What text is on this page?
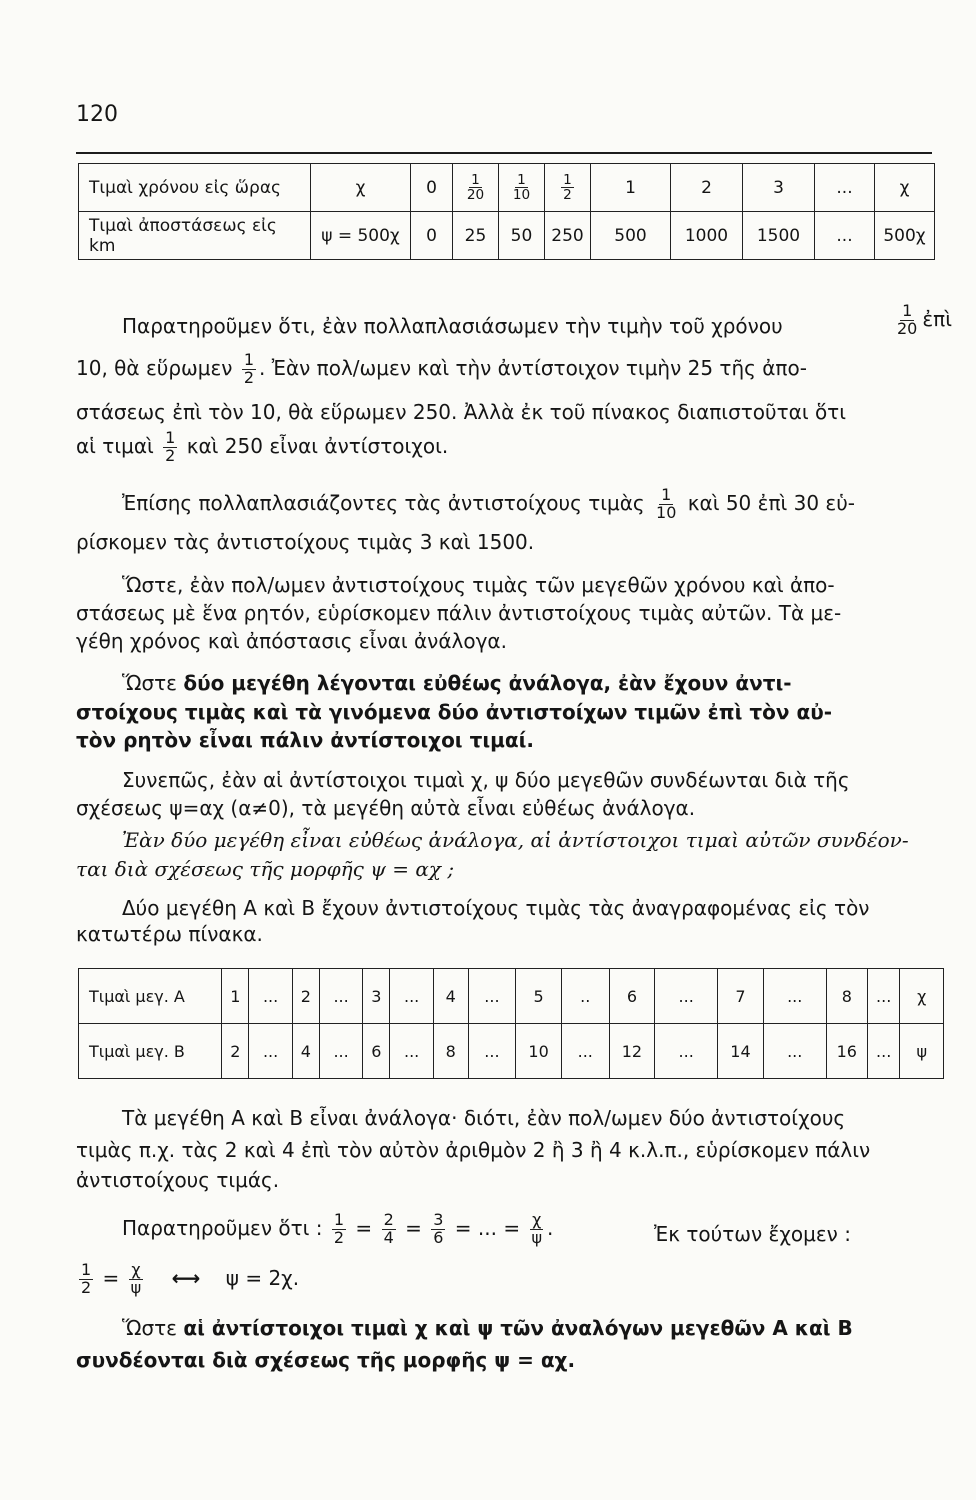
120
Τιμαὶ χρόνου εἰς ὥρας	χ	0	$\frac{1}{20}$	$\frac{1}{10}$	$\frac{1}{2}$	1	2	3	...	χ
Τιμαὶ ἀποστάσεως εἰς km	ψ = 500χ	0	25	50	250	500	1000	1500	...	500χ
Παρατηροῦμεν ὅτι, ἐὰν πολλαπλασιάσωμεν τὴν τιμὴν τοῦ χρόνου	$\frac{1}{20}$ ἐπὶ
10, θὰ εὕρωμεν $\frac{1}{2}$ . Ἐὰν πολ/ωμεν καὶ τὴν ἀντίστοιχον τιμὴν 25 τῆς ἀπο-
στάσεως ἐπὶ τὸν 10, θὰ εὕρωμεν 250. Ἀλλὰ ἐκ τοῦ πίνακος διαπιστοῦται ὅτι
αἱ τιμαὶ $\frac{1}{2}$ καὶ 250 εἶναι ἀντίστοιχοι.
Ἐπίσης πολλαπλασιάζοντες τὰς ἀντιστοίχους τιμὰς $\frac{1}{10}$ καὶ 50 ἐπὶ 30 εὑ-
ρίσκομεν τὰς ἀντιστοίχους τιμὰς 3 καὶ 1500.
Ὥστε, ἐὰν πολ/ωμεν ἀντιστοίχους τιμὰς τῶν μεγεθῶν χρόνου καὶ ἀπο-
στάσεως μὲ ἕνα ρητόν, εὑρίσκομεν πάλιν ἀντιστοίχους τιμὰς αὐτῶν. Τὰ με-
γέθη χρόνος καὶ ἀπόστασις εἶναι ἀνάλογα.
Ὥστε δύο μεγέθη λέγονται εὐθέως ἀνάλογα, ἐὰν ἔχουν ἀντι-
στοίχους τιμὰς καὶ τὰ γινόμενα δύο ἀντιστοίχων τιμῶν ἐπὶ τὸν αὐ-
τὸν ρητὸν εἶναι πάλιν ἀντίστοιχοι τιμαί.
Συνεπῶς, ἐὰν αἱ ἀντίστοιχοι τιμαὶ χ, ψ δύο μεγεθῶν συνδέωνται διὰ τῆς
σχέσεως ψ=αχ (α≠0), τὰ μεγέθη αὐτὰ εἶναι εὐθέως ἀνάλογα.
Ἐὰν δύο μεγέθη εἶναι εὐθέως ἀνάλογα, αἱ ἀντίστοιχοι τιμαὶ αὐτῶν συνδέον-
ται διὰ σχέσεως τῆς μορφῆς ψ = αχ ;
Δύο μεγέθη Α καὶ Β ἔχουν ἀντιστοίχους τιμὰς τὰς ἀναγραφομένας εἰς τὸν
κατωτέρω πίνακα.
Τιμαὶ μεγ. Α	1	...	2	...	3	...	4	...	5	..	6	...	7	...	8	...	χ
Τιμαὶ μεγ. Β	2	...	4	...	6	...	8	...	10	...	12	...	14	...	16	...	ψ
Τὰ μεγέθη Α καὶ Β εἶναι ἀνάλογα· διότι, ἐὰν πολ/ωμεν δύο ἀντιστοίχους
τιμὰς π.χ. τὰς 2 καὶ 4 ἐπὶ τὸν αὐτὸν ἀριθμὸν 2 ἢ 3 ἢ 4 κ.λ.π., εὑρίσκομεν πάλιν
ἀντιστοίχους τιμάς.
Παρατηροῦμεν ὅτι : $\frac{1}{2} = \frac{2}{4} = \frac{3}{6}$ = ... = $\frac{\chi}{\psi}$ .	Ἐκ τούτων ἔχομεν :
$\frac{1}{2} = \frac{\chi}{\psi}$ ⟷ ψ = 2χ.
Ὥστε αἱ ἀντίστοιχοι τιμαὶ χ καὶ ψ τῶν ἀναλόγων μεγεθῶν Α καὶ Β
συνδέονται διὰ σχέσεως τῆς μορφῆς ψ = αχ.
